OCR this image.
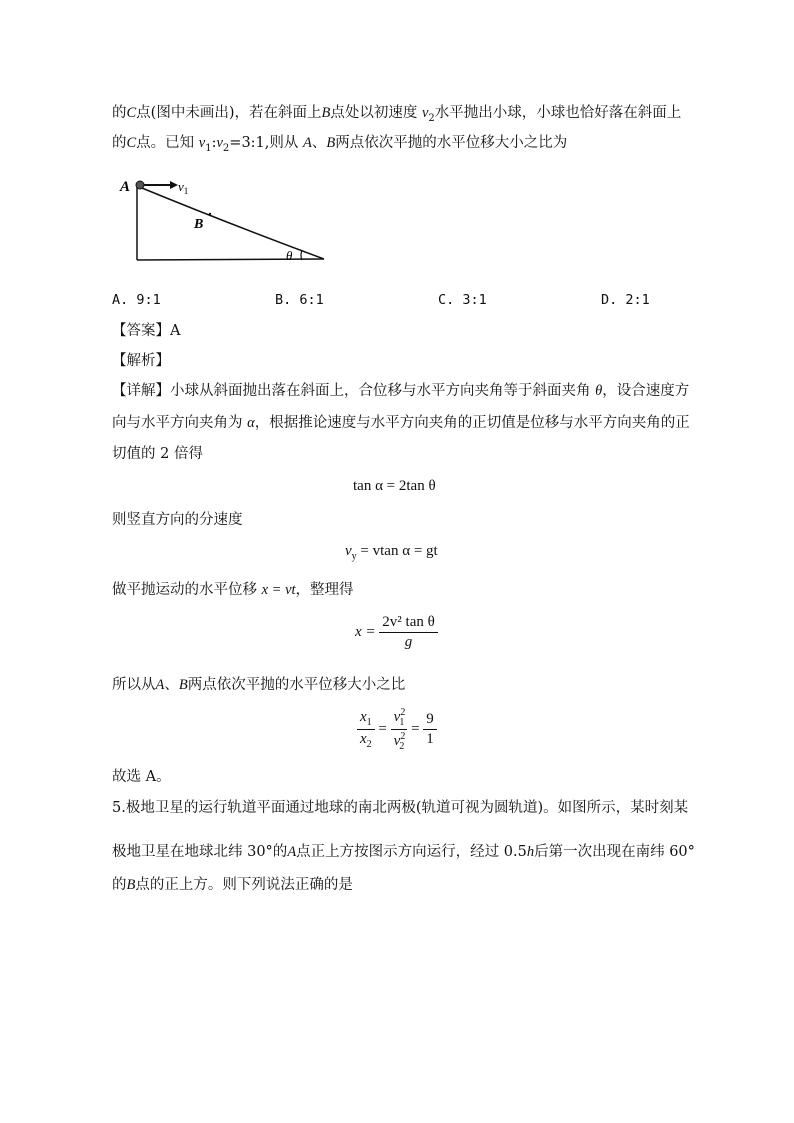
的C点(图中未画出)，若在斜面上B点处以初速度 $v_2$水平抛出小球，小球也恰好落在斜面上
的C点。已知 $v_1:v_2=3:1$,则从 A、B两点依次平抛的水平位移大小之比为
A	$v_1$
B
θ
A. 9:1	B. 6:1	C. 3:1	D. 2:1
【答案】A
【解析】
【详解】小球从斜面抛出落在斜面上，合位移与水平方向夹角等于斜面夹角 θ，设合速度方
向与水平方向夹角为 α，根据推论速度与水平方向夹角的正切值是位移与水平方向夹角的正
切值的 2 倍得
tan α = 2tan θ
则竖直方向的分速度
$v_y = vtan$ α = gt
做平抛运动的水平位移 x = vt，整理得
$x = \frac{\text{2v² tan θ}}{g}$
所以从A、B两点依次平抛的水平位移大小之比
$\frac{x_1}{x_2} = \frac{v^2_1}{v^2_2} = \frac{9}{1}$
故选 A。
5.极地卫星的运行轨道平面通过地球的南北两极(轨道可视为圆轨道)。如图所示，某时刻某
极地卫星在地球北纬 30°的A点正上方按图示方向运行，经过 0.5h后第一次出现在南纬 60°
的B点的正上方。则下列说法正确的是
